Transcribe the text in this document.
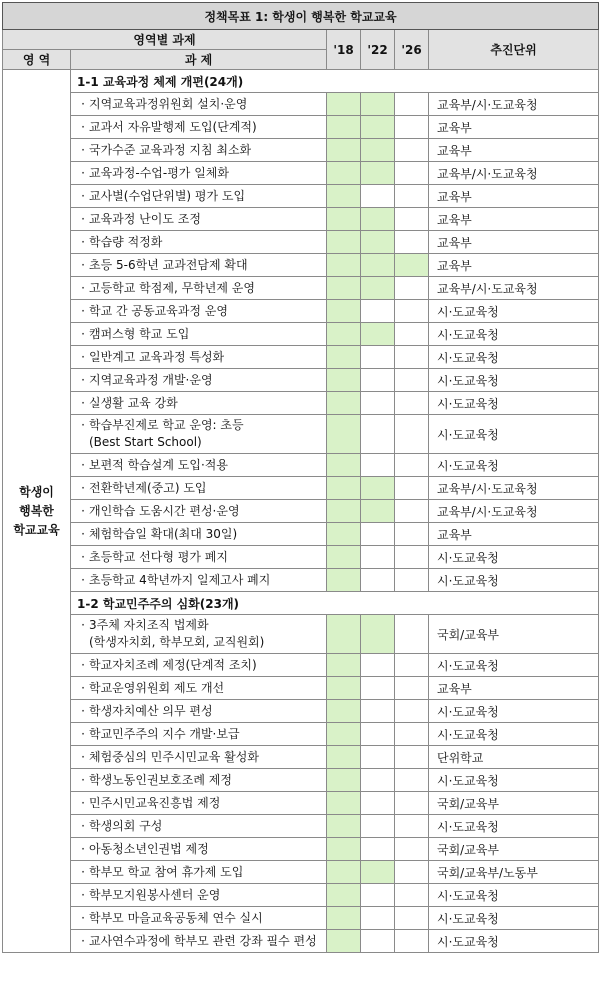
정책목표 1: 학생이 행복한 학교교육					
영역별 과제		'18	'22	'26	추진단위
영 역	과 제				

학생이
행복한
학교교육	1-1 교육과정 체제 개편(24개)				
	· 지역교육과정위원회 설치·운영				교육부/시·도교육청
	· 교과서 자유발행제 도입(단계적)				교육부
	· 국가수준 교육과정 지침 최소화				교육부
	· 교육과정-수업-평가 일체화				교육부/시·도교육청
	· 교사별(수업단위별) 평가 도입				교육부
	· 교육과정 난이도 조정				교육부
	· 학습량 적정화				교육부
	· 초등 5-6학년 교과전담제 확대				교육부
	· 고등학교 학점제, 무학년제 운영				교육부/시·도교육청
	· 학교 간 공동교육과정 운영				시·도교육청
	· 캠퍼스형 학교 도입				시·도교육청
	· 일반계고 교육과정 특성화				시·도교육청
	· 지역교육과정 개발·운영				시·도교육청
	· 실생활 교육 강화				시·도교육청
	· 학습부진제로 학교 운영: 초등
(Best Start School)				시·도교육청
	· 보편적 학습설계 도입·적용				시·도교육청
	· 전환학년제(중고) 도입				교육부/시·도교육청
	· 개인학습 도움시간 편성·운영				교육부/시·도교육청
	· 체험학습일 확대(최대 30일)				교육부
	· 초등학교 선다형 평가 폐지				시·도교육청
	· 초등학교 4학년까지 일제고사 폐지				시·도교육청
	1-2 학교민주주의 심화(23개)				
	· 3주체 자치조직 법제화
(학생자치회, 학부모회, 교직원회)				국회/교육부
	· 학교자치조례 제정(단계적 조치)				시·도교육청
	· 학교운영위원회 제도 개선				교육부
	· 학생자치예산 의무 편성				시·도교육청
	· 학교민주주의 지수 개발·보급				시·도교육청
	· 체험중심의 민주시민교육 활성화				단위학교
	· 학생노동인권보호조례 제정				시·도교육청
	· 민주시민교육진흥법 제정				국회/교육부
	· 학생의회 구성				시·도교육청
	· 아동청소년인권법 제정				국회/교육부
	· 학부모 학교 참여 휴가제 도입				국회/교육부/노동부
	· 학부모지원봉사센터 운영				시·도교육청
	· 학부모 마을교육공동체 연수 실시				시·도교육청
	· 교사연수과정에 학부모 관련 강좌 필수 편성				시·도교육청
